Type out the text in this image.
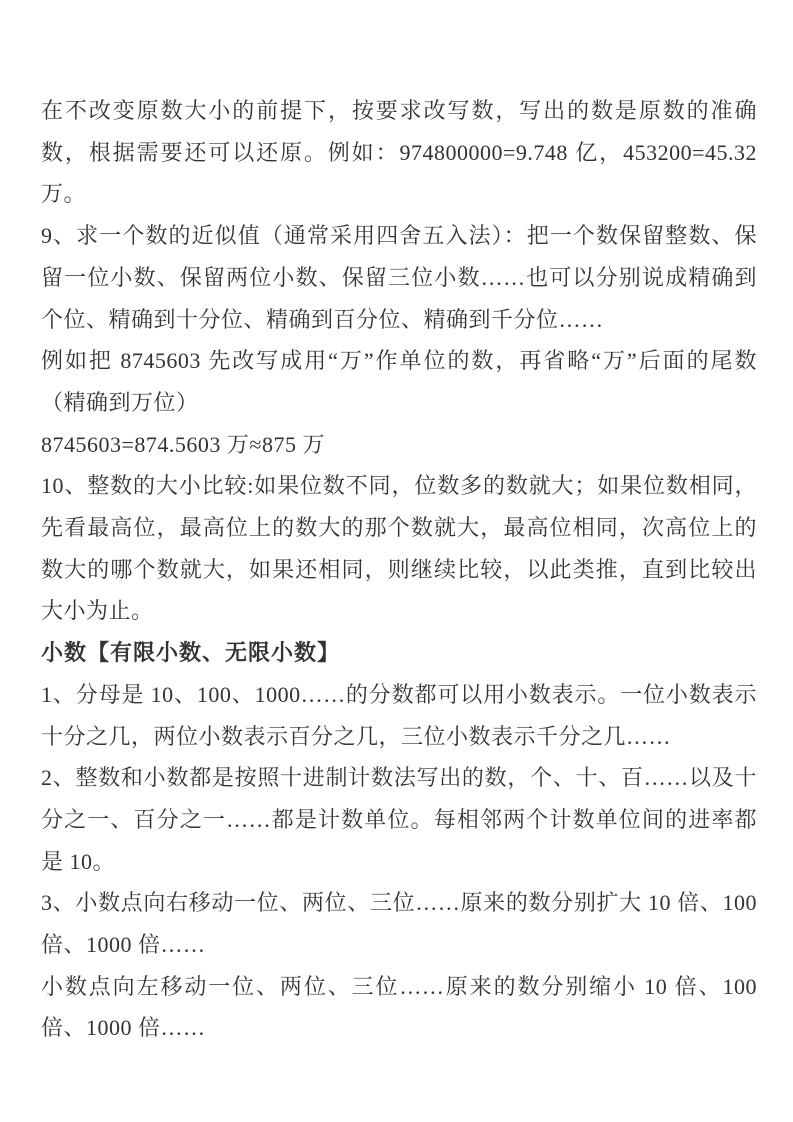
在不改变原数大小的前提下，按要求改写数，写出的数是原数的准确数，根据需要还可以还原。例如：974800000=9.748 亿，453200=45.32 万。

9、求一个数的近似值（通常采用四舍五入法）：把一个数保留整数、保留一位小数、保留两位小数、保留三位小数……也可以分别说成精确到个位、精确到十分位、精确到百分位、精确到千分位……

例如把 8745603 先改写成用“万”作单位的数，再省略“万”后面的尾数（精确到万位）

8745603=874.5603 万≈875 万

10、整数的大小比较:如果位数不同，位数多的数就大；如果位数相同，先看最高位，最高位上的数大的那个数就大，最高位相同，次高位上的数大的哪个数就大，如果还相同，则继续比较，以此类推，直到比较出大小为止。

小数【有限小数、无限小数】

1、分母是 10、100、1000……的分数都可以用小数表示。一位小数表示十分之几，两位小数表示百分之几，三位小数表示千分之几……

2、整数和小数都是按照十进制计数法写出的数，个、十、百……以及十分之一、百分之一……都是计数单位。每相邻两个计数单位间的进率都是 10。

3、小数点向右移动一位、两位、三位……原来的数分别扩大 10 倍、100 倍、1000 倍……

小数点向左移动一位、两位、三位……原来的数分别缩小 10 倍、100 倍、1000 倍……
